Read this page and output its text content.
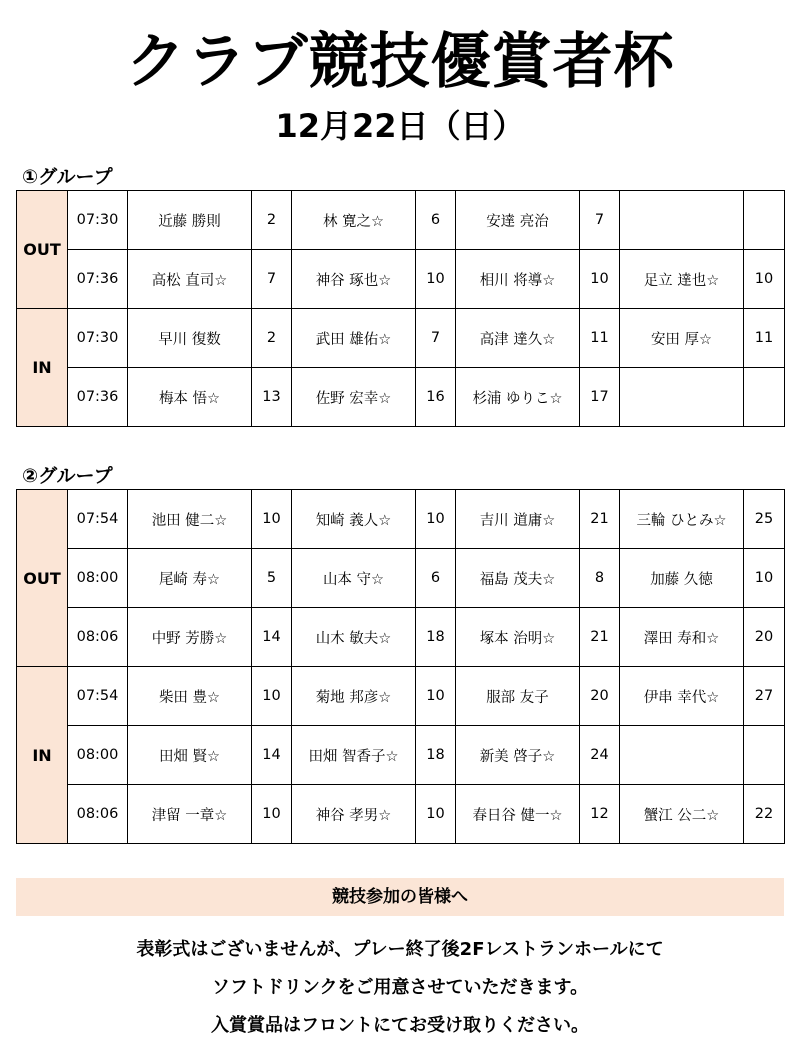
クラブ競技優賞者杯
12月22日（日）
①グループ
OUT	07:30	近藤 勝則	2	林 寛之☆	6	安達 亮治	7		
	07:36	高松 直司☆	7	神谷 琢也☆	10	相川 将導☆	10	足立 達也☆	10
IN	07:30	早川 復数	2	武田 雄佑☆	7	高津 達久☆	11	安田 厚☆	11
	07:36	梅本 悟☆	13	佐野 宏幸☆	16	杉浦 ゆりこ☆	17		
②グループ
OUT	07:54	池田 健二☆	10	知崎 義人☆	10	吉川 道庸☆	21	三輪 ひとみ☆	25
	08:00	尾崎 寿☆	5	山本 守☆	6	福島 茂夫☆	8	加藤 久徳	10
	08:06	中野 芳勝☆	14	山木 敏夫☆	18	塚本 治明☆	21	澤田 寿和☆	20
IN	07:54	柴田 豊☆	10	菊地 邦彦☆	10	服部 友子	20	伊串 幸代☆	27
	08:00	田畑 賢☆	14	田畑 智香子☆	18	新美 啓子☆	24		
	08:06	津留 一章☆	10	神谷 孝男☆	10	春日谷 健一☆	12	蟹江 公二☆	22
競技参加の皆様へ
表彰式はございませんが、プレー終了後2Fレストランホールにて
ソフトドリンクをご用意させていただきます。
入賞賞品はフロントにてお受け取りください。
